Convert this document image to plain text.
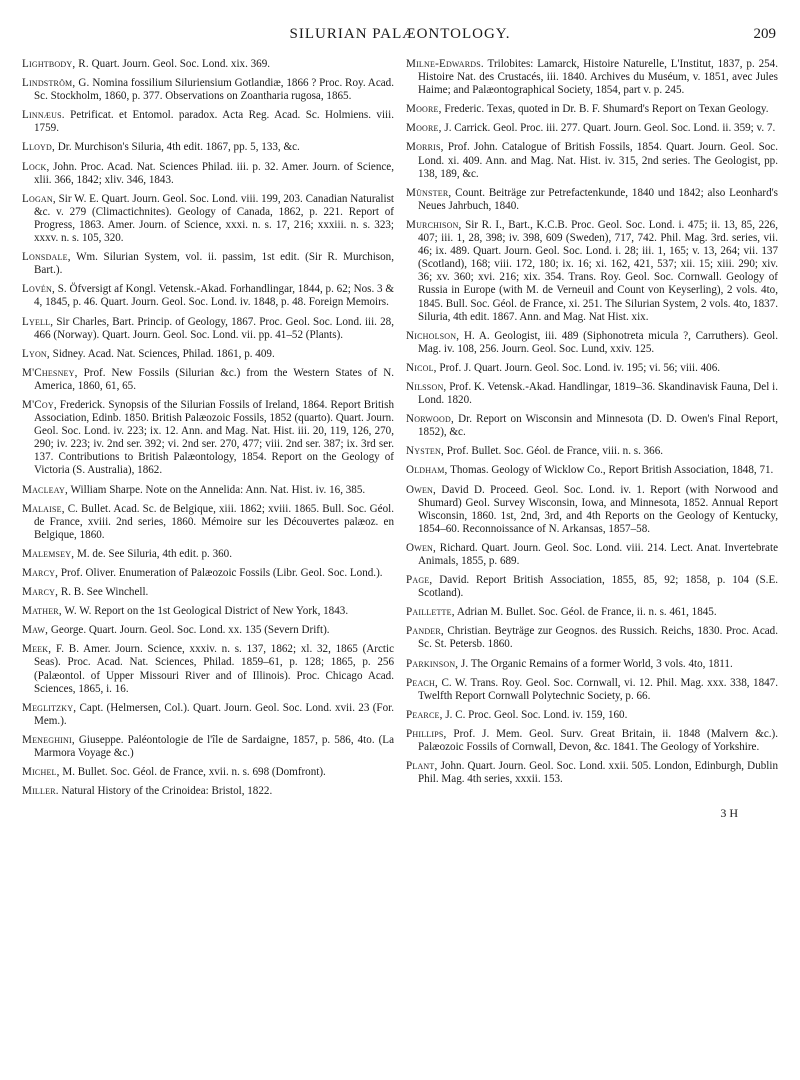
SILURIAN PALÆONTOLOGY.	209

Lightbody, R. Quart. Journ. Geol. Soc. Lond. xix. 369.

Lindström, G. Nomina fossilium Siluriensium Gotlandiæ, 1866 ? Proc. Roy. Acad. Sc. Stockholm, 1860, p. 377. Observations on Zoantharia rugosa, 1865.

Linnæus. Petrificat. et Entomol. paradox. Acta Reg. Acad. Sc. Holmiens. viii. 1759.

Lloyd, Dr. Murchison's Siluria, 4th edit. 1867, pp. 5, 133, &c.

Lock, John. Proc. Acad. Nat. Sciences Philad. iii. p. 32. Amer. Journ. of Science, xlii. 366, 1842; xliv. 346, 1843.

Logan, Sir W. E. Quart. Journ. Geol. Soc. Lond. viii. 199, 203. Canadian Naturalist &c. v. 279 (Climactichnites). Geology of Canada, 1862, p. 221. Report of Progress, 1863. Amer. Journ. of Science, xxxi. n. s. 17, 216; xxxiii. n. s. 323; xxxv. n. s. 105, 320.

Lonsdale, Wm. Silurian System, vol. ii. passim, 1st edit. (Sir R. Murchison, Bart.).

Lovén, S. Öfversigt af Kongl. Vetensk.-Akad. Forhandlingar, 1844, p. 62; Nos. 3 & 4, 1845, p. 46. Quart. Journ. Geol. Soc. Lond. iv. 1848, p. 48. Foreign Memoirs.

Lyell, Sir Charles, Bart. Princip. of Geology, 1867. Proc. Geol. Soc. Lond. iii. 28, 466 (Norway). Quart. Journ. Geol. Soc. Lond. vii. pp. 41–52 (Plants).

Lyon, Sidney. Acad. Nat. Sciences, Philad. 1861, p. 409.

M'Chesney, Prof. New Fossils (Silurian &c.) from the Western States of N. America, 1860, 61, 65.

M'Coy, Frederick. Synopsis of the Silurian Fossils of Ireland, 1864. Report British Association, Edinb. 1850. British Palæozoic Fossils, 1852 (quarto). Quart. Journ. Geol. Soc. Lond. iv. 223; ix. 12. Ann. and Mag. Nat. Hist. iii. 20, 119, 126, 270, 290; iv. 223; iv. 2nd ser. 392; vi. 2nd ser. 270, 477; viii. 2nd ser. 387; ix. 3rd ser. 137. Contributions to British Palæontology, 1854. Report on the Geology of Victoria (S. Australia), 1862.

Macleay, William Sharpe. Note on the Annelida: Ann. Nat. Hist. iv. 16, 385.

Malaise, C. Bullet. Acad. Sc. de Belgique, xiii. 1862; xviii. 1865. Bull. Soc. Géol. de France, xviii. 2nd series, 1860. Mémoire sur les Découvertes palæoz. en Belgique, 1860.

Malemsey, M. de. See Siluria, 4th edit. p. 360.

Marcy, Prof. Oliver. Enumeration of Palæozoic Fossils (Libr. Geol. Soc. Lond.).

Marcy, R. B. See Winchell.

Mather, W. W. Report on the 1st Geological District of New York, 1843.

Maw, George. Quart. Journ. Geol. Soc. Lond. xx. 135 (Severn Drift).

Meek, F. B. Amer. Journ. Science, xxxiv. n. s. 137, 1862; xl. 32, 1865 (Arctic Seas). Proc. Acad. Nat. Sciences, Philad. 1859–61, p. 128; 1865, p. 256 (Palæontol. of Upper Missouri River and of Illinois). Proc. Chicago Acad. Sciences, 1865, i. 16.

Meglitzky, Capt. (Helmersen, Col.). Quart. Journ. Geol. Soc. Lond. xvii. 23 (For. Mem.).

Meneghini, Giuseppe. Paléontologie de l'île de Sardaigne, 1857, p. 586, 4to. (La Marmora Voyage &c.)

Michel, M. Bullet. Soc. Géol. de France, xvii. n. s. 698 (Domfront).

Miller. Natural History of the Crinoidea: Bristol, 1822.

Milne-Edwards. Trilobites: Lamarck, Histoire Naturelle, L'Institut, 1837, p. 254. Histoire Nat. des Crustacés, iii. 1840. Archives du Muséum, v. 1851, avec Jules Haime; and Palæontographical Society, 1854, part v. p. 245.

Moore, Frederic. Texas, quoted in Dr. B. F. Shumard's Report on Texan Geology.

Moore, J. Carrick. Geol. Proc. iii. 277. Quart. Journ. Geol. Soc. Lond. ii. 359; v. 7.

Morris, Prof. John. Catalogue of British Fossils, 1854. Quart. Journ. Geol. Soc. Lond. xi. 409. Ann. and Mag. Nat. Hist. iv. 315, 2nd series. The Geologist, pp. 138, 189, &c.

Münster, Count. Beiträge zur Petrefactenkunde, 1840 und 1842; also Leonhard's Neues Jahrbuch, 1840.

Murchison, Sir R. I., Bart., K.C.B. Proc. Geol. Soc. Lond. i. 475; ii. 13, 85, 226, 407; iii. 1, 28, 398; iv. 398, 609 (Sweden), 717, 742. Phil. Mag. 3rd. series, vii. 46; ix. 489. Quart. Journ. Geol. Soc. Lond. i. 28; iii. 1, 165; v. 13, 264; vii. 137 (Scotland), 168; viii. 172, 180; ix. 16; xi. 162, 421, 537; xii. 15; xiii. 290; xiv. 36; xv. 360; xvi. 216; xix. 354. Trans. Roy. Geol. Soc. Cornwall. Geology of Russia in Europe (with M. de Verneuil and Count von Keyserling), 2 vols. 4to, 1845. Bull. Soc. Géol. de France, xi. 251. The Silurian System, 2 vols. 4to, 1837. Siluria, 4th edit. 1867. Ann. and Mag. Nat Hist. xix.

Nicholson, H. A. Geologist, iii. 489 (Siphonotreta micula ?, Carruthers). Geol. Mag. iv. 108, 256. Journ. Geol. Soc. Lund, xxiv. 125.

Nicol, Prof. J. Quart. Journ. Geol. Soc. Lond. iv. 195; vi. 56; viii. 406.

Nilsson, Prof. K. Vetensk.-Akad. Handlingar, 1819–36. Skandinavisk Fauna, Del i. Lond. 1820.

Norwood, Dr. Report on Wisconsin and Minnesota (D. D. Owen's Final Report, 1852), &c.

Nysten, Prof. Bullet. Soc. Géol. de France, viii. n. s. 366.

Oldham, Thomas. Geology of Wicklow Co., Report British Association, 1848, 71.

Owen, David D. Proceed. Geol. Soc. Lond. iv. 1. Report (with Norwood and Shumard) Geol. Survey Wisconsin, Iowa, and Minnesota, 1852. Annual Report Wisconsin, 1860. 1st, 2nd, 3rd, and 4th Reports on the Geology of Kentucky, 1854–60. Reconnoissance of N. Arkansas, 1857–58.

Owen, Richard. Quart. Journ. Geol. Soc. Lond. viii. 214. Lect. Anat. Invertebrate Animals, 1855, p. 689.

Page, David. Report British Association, 1855, 85, 92; 1858, p. 104 (S.E. Scotland).

Paillette, Adrian M. Bullet. Soc. Géol. de France, ii. n. s. 461, 1845.

Pander, Christian. Beyträge zur Geognos. des Russich. Reichs, 1830. Proc. Acad. Sc. St. Petersb. 1860.

Parkinson, J. The Organic Remains of a former World, 3 vols. 4to, 1811.

Peach, C. W. Trans. Roy. Geol. Soc. Cornwall, vi. 12. Phil. Mag. xxx. 338, 1847. Twelfth Report Cornwall Polytechnic Society, p. 66.

Pearce, J. C. Proc. Geol. Soc. Lond. iv. 159, 160.

Phillips, Prof. J. Mem. Geol. Surv. Great Britain, ii. 1848 (Malvern &c.). Palæozoic Fossils of Cornwall, Devon, &c. 1841. The Geology of Yorkshire.

Plant, John. Quart. Journ. Geol. Soc. Lond. xxii. 505. London, Edinburgh, Dublin Phil. Mag. 4th series, xxxii. 153.

3 H
